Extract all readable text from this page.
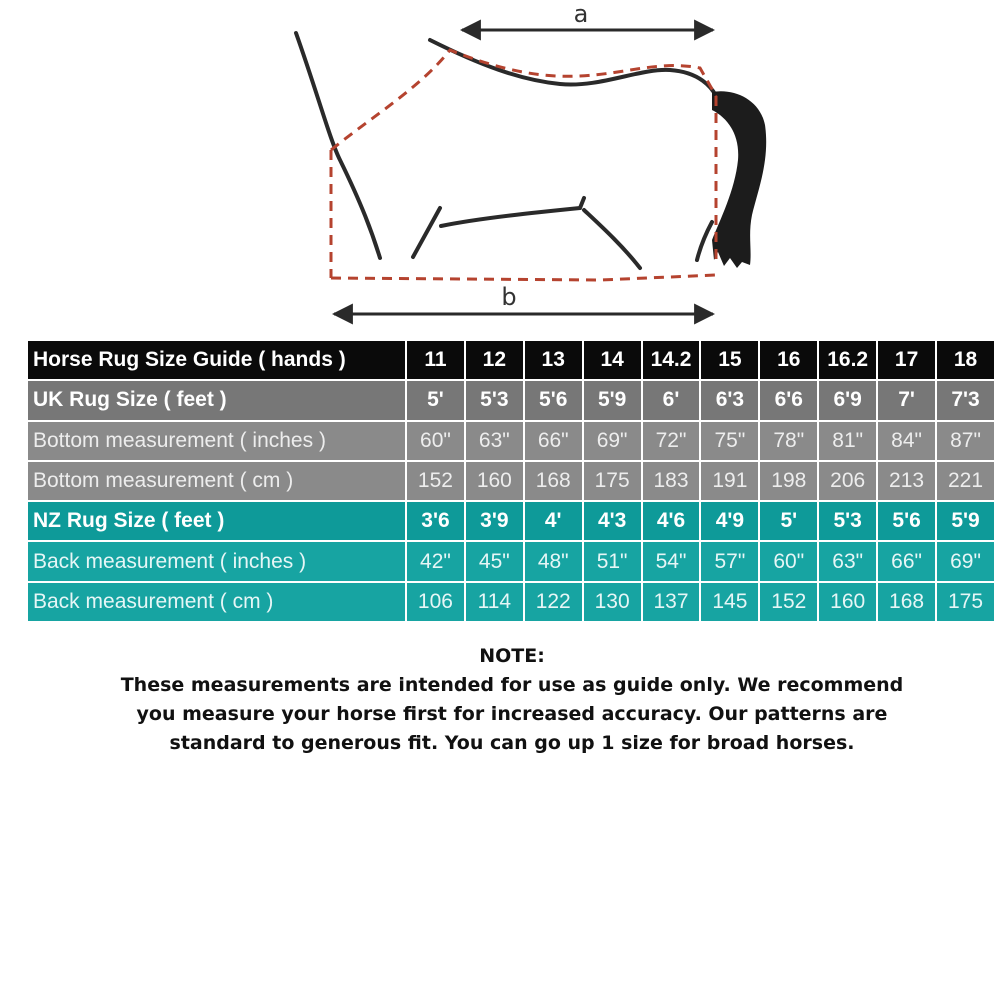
a
b
Horse Rug Size Guide ( hands )	11	12	13	14	14.2	15	16	16.2	17	18
UK Rug Size ( feet )	5'	5'3	5'6	5'9	6'	6'3	6'6	6'9	7'	7'3
Bottom measurement ( inches )	60"	63"	66"	69"	72"	75"	78"	81"	84"	87"
Bottom measurement ( cm )	152	160	168	175	183	191	198	206	213	221
NZ Rug Size ( feet )	3'6	3'9	4'	4'3	4'6	4'9	5'	5'3	5'6	5'9
Back measurement ( inches )	42"	45"	48"	51"	54"	57"	60"	63"	66"	69"
Back measurement ( cm )	106	114	122	130	137	145	152	160	168	175

NOTE:

These measurements are intended for use as guide only. We recommend you measure your horse first for increased accuracy. Our patterns are standard to generous fit. You can go up 1 size for broad horses.
